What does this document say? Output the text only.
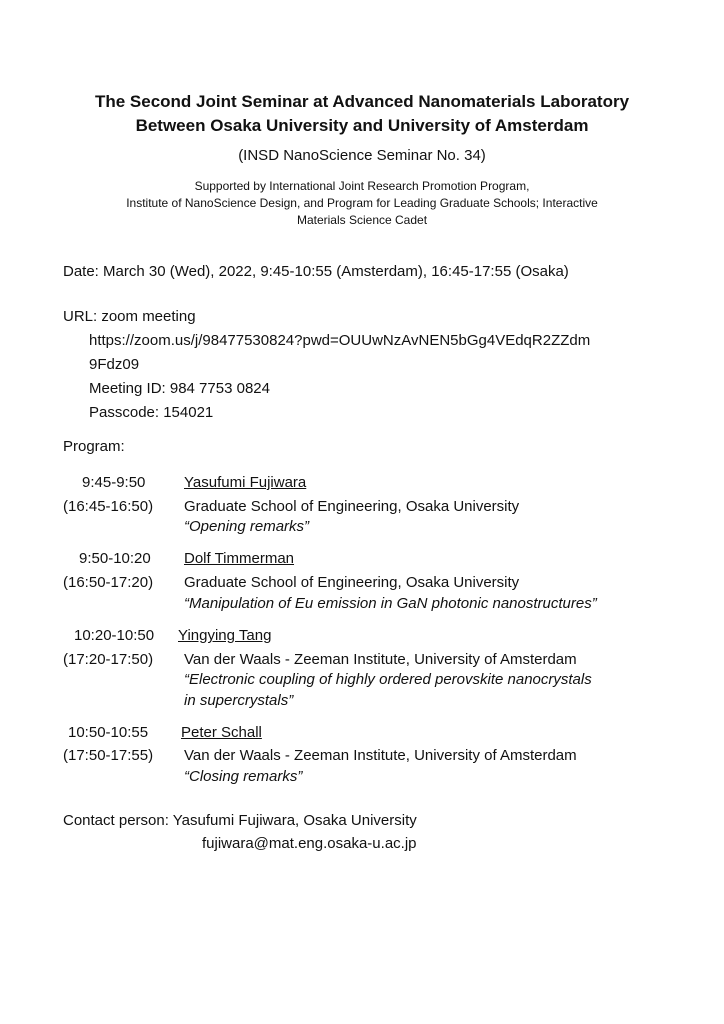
The Second Joint Seminar at Advanced Nanomaterials Laboratory
Between Osaka University and University of Amsterdam
(INSD NanoScience Seminar No. 34)
Supported by International Joint Research Promotion Program,
Institute of NanoScience Design, and Program for Leading Graduate Schools; Interactive
Materials Science Cadet
Date: March 30 (Wed), 2022, 9:45-10:55 (Amsterdam), 16:45-17:55 (Osaka)
URL: zoom meeting
https://zoom.us/j/98477530824?pwd=OUUwNzAvNEN5bGg4VEdqR2ZZdm
9Fdz09
Meeting ID: 984 7753 0824
Passcode: 154021
Program:
9:45-9:50
(16:45-16:50)
Yasufumi Fujiwara
Graduate School of Engineering, Osaka University
“Opening remarks”
9:50-10:20
(16:50-17:20)
Dolf Timmerman
Graduate School of Engineering, Osaka University
“Manipulation of Eu emission in GaN photonic nanostructures”
10:20-10:50
(17:20-17:50)
Yingying Tang
Van der Waals - Zeeman Institute, University of Amsterdam
“Electronic coupling of highly ordered perovskite nanocrystals
in supercrystals”
10:50-10:55
(17:50-17:55)
Peter Schall
Van der Waals - Zeeman Institute, University of Amsterdam
“Closing remarks”
Contact person: Yasufumi Fujiwara, Osaka University
fujiwara@mat.eng.osaka-u.ac.jp
